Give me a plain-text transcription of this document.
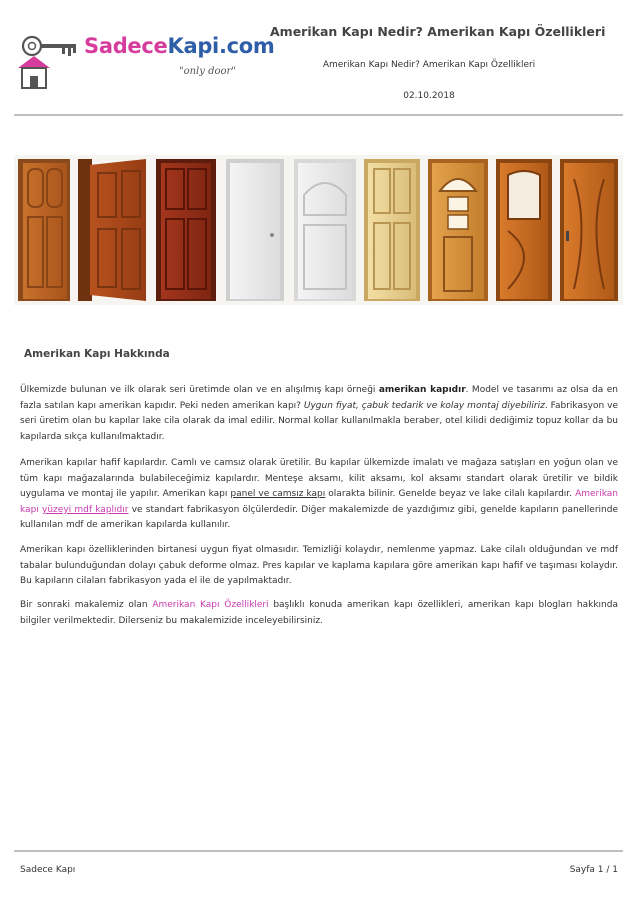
SadeceKapi.com
"only door"
Amerikan Kapı Nedir? Amerikan Kapı Özellikleri
Amerikan Kapı Nedir? Amerikan Kapı Özellikleri
02.10.2018
Amerikan Kapı Hakkında

Ülkemizde bulunan ve ilk olarak seri üretimde olan ve en alışılmış kapı örneği amerikan kapıdır. Model ve tasarımı az olsa da en fazla satılan kapı amerikan kapıdır. Peki neden amerikan kapı? Uygun fiyat, çabuk tedarik ve kolay montaj diyebiliriz. Fabrikasyon ve seri üretim olan bu kapılar lake cila olarak da imal edilir. Normal kollar kullanılmakla beraber, otel kilidi dediğimiz topuz kollar da bu kapılarda sıkça kullanılmaktadır.

Amerikan kapılar hafif kapılardır. Camlı ve camsız olarak üretilir. Bu kapılar ülkemizde imalatı ve mağaza satışları en yoğun olan ve tüm kapı mağazalarında bulabileceğimiz kapılardır. Menteşe aksamı, kilit aksamı, kol aksamı standart olarak üretilir ve bildik uygulama ve montaj ile yapılır. Amerikan kapı panel ve camsız kapı olarakta bilinir. Genelde beyaz ve lake cilalı kapılardır. Amerikan kapı yüzeyi mdf kaplıdır ve standart fabrikasyon ölçülerdedir. Diğer makalemizde de yazdığımız gibi, genelde kapıların panellerinde kullanılan mdf de amerikan kapılarda kullanılır.

Amerikan kapı özelliklerinden birtanesi uygun fiyat olmasıdır. Temizliği kolaydır, nemlenme yapmaz. Lake cilalı olduğundan ve mdf tabalar bulunduğundan dolayı çabuk deforme olmaz. Pres kapılar ve kaplama kapılara göre amerikan kapı hafif ve taşıması kolaydır. Bu kapıların cilaları fabrikasyon yada el ile de yapılmaktadır.

Bir sonraki makalemiz olan Amerikan Kapı Özellikleri başlıklı konuda amerikan kapı özellikleri, amerikan kapı blogları hakkında bilgiler verilmektedir. Dilerseniz bu makalemizide inceleyebilirsiniz.

Sadece Kapı	Sayfa 1 / 1
